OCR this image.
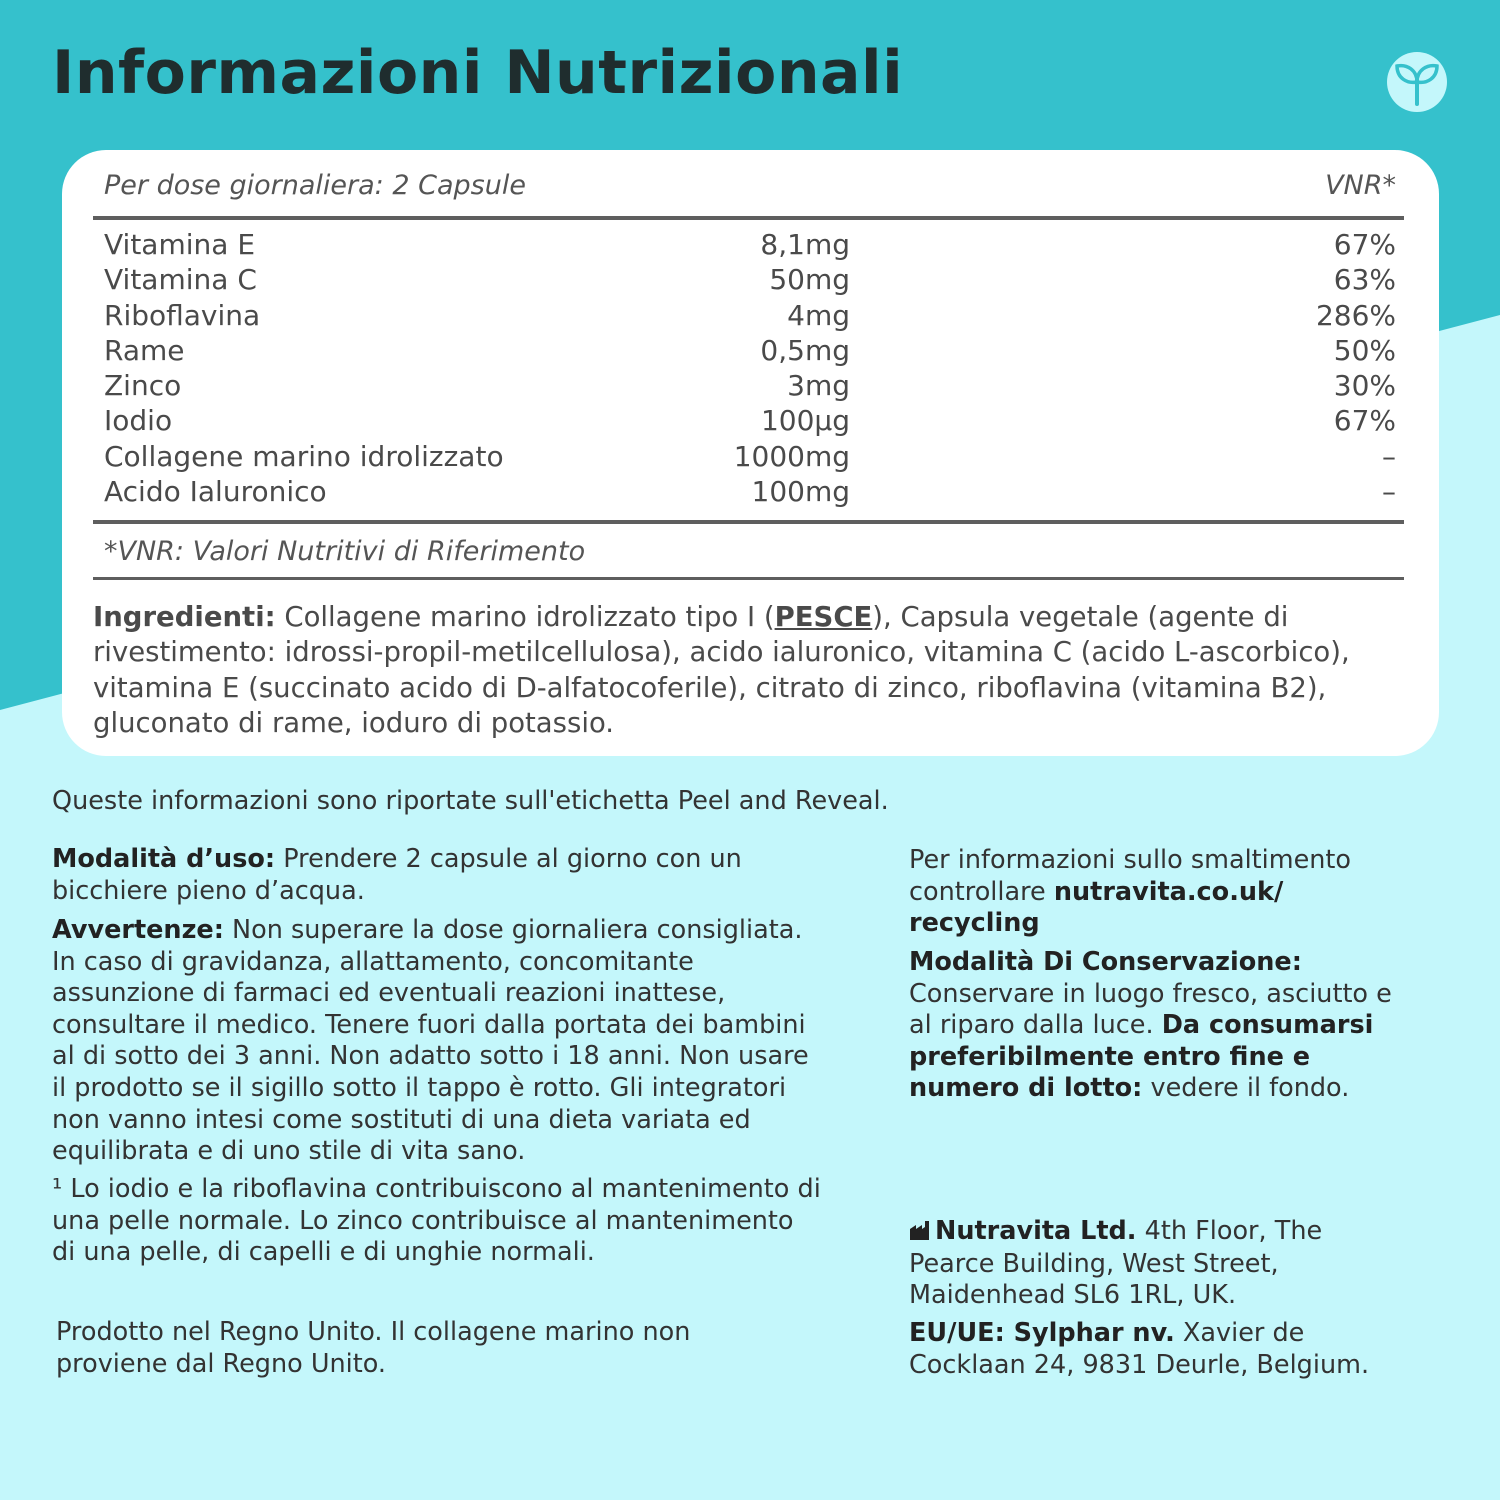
Informazioni Nutrizionali
Per dose giornaliera: 2 Capsule	VNR*
Vitamina E	8,1mg	67%
Vitamina C	50mg	63%
Riboflavina	4mg	286%
Rame	0,5mg	50%
Zinco	3mg	30%
Iodio	100µg	67%
Collagene marino idrolizzato	1000mg	–
Acido Ialuronico	100mg	–
*VNR: Valori Nutritivi di Riferimento
Ingredienti: Collagene marino idrolizzato tipo I (PESCE), Capsula vegetale (agente di rivestimento: idrossi-propil-metilcellulosa), acido ialuronico, vitamina C (acido L-ascorbico), vitamina E (succinato acido di D-alfatocoferile), citrato di zinco, riboflavina (vitamina B2), gluconato di rame, ioduro di potassio.
Queste informazioni sono riportate sull'etichetta Peel and Reveal.
Modalità d’uso: Prendere 2 capsule al giorno con un bicchiere pieno d’acqua.
Avvertenze: Non superare la dose giornaliera consigliata. In caso di gravidanza, allattamento, concomitante assunzione di farmaci ed eventuali reazioni inattese, consultare il medico. Tenere fuori dalla portata dei bambini al di sotto dei 3 anni. Non adatto sotto i 18 anni. Non usare il prodotto se il sigillo sotto il tappo è rotto. Gli integratori non vanno intesi come sostituti di una dieta variata ed equilibrata e di uno stile di vita sano.
¹ Lo iodio e la riboflavina contribuiscono al mantenimento di una pelle normale. Lo zinco contribuisce al mantenimento di una pelle, di capelli e di unghie normali.
Prodotto nel Regno Unito. Il collagene marino non proviene dal Regno Unito.
Per informazioni sullo smaltimento controllare nutravita.co.uk/ recycling
Modalità Di Conservazione: Conservare in luogo fresco, asciutto e al riparo dalla luce. Da consumarsi preferibilmente entro fine e numero di lotto: vedere il fondo.
Nutravita Ltd. 4th Floor, The Pearce Building, West Street, Maidenhead SL6 1RL, UK.
EU/UE: Sylphar nv. Xavier de Cocklaan 24, 9831 Deurle, Belgium.
